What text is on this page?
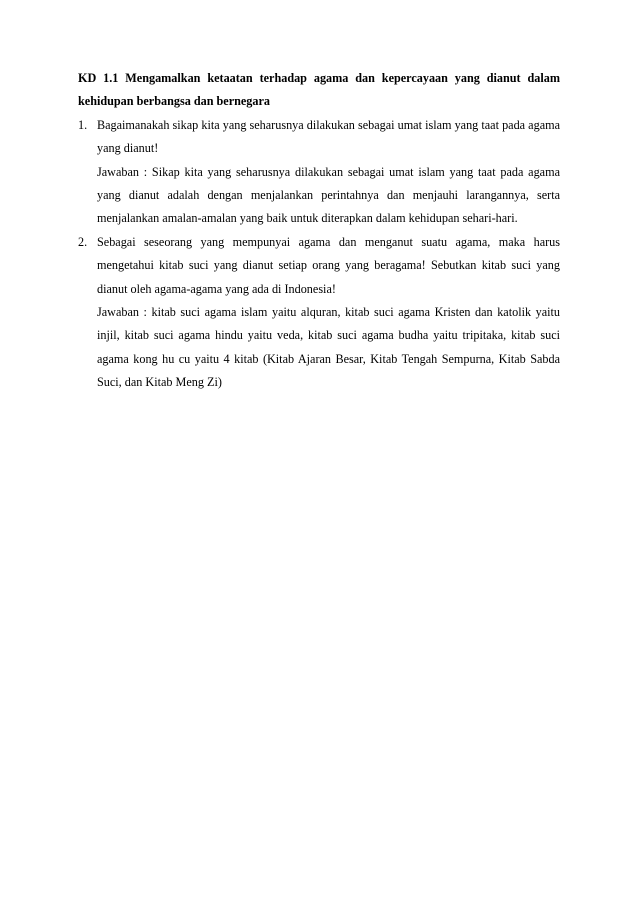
KD 1.1 Mengamalkan ketaatan terhadap agama dan kepercayaan yang dianut dalam kehidupan berbangsa dan bernegara

1. Bagaimanakah sikap kita yang seharusnya dilakukan sebagai umat islam yang taat pada agama yang dianut!

Jawaban : Sikap kita yang seharusnya dilakukan sebagai umat islam yang taat pada agama yang dianut adalah dengan menjalankan perintahnya dan menjauhi larangannya, serta menjalankan amalan-amalan yang baik untuk diterapkan dalam kehidupan sehari-hari.

2. Sebagai seseorang yang mempunyai agama dan menganut suatu agama, maka harus mengetahui kitab suci yang dianut setiap orang yang beragama! Sebutkan kitab suci yang dianut oleh agama-agama yang ada di Indonesia!

Jawaban : kitab suci agama islam yaitu alquran, kitab suci agama Kristen dan katolik yaitu injil, kitab suci agama hindu yaitu veda, kitab suci agama budha yaitu tripitaka, kitab suci agama kong hu cu yaitu 4 kitab (Kitab Ajaran Besar, Kitab Tengah Sempurna, Kitab Sabda Suci, dan Kitab Meng Zi)
